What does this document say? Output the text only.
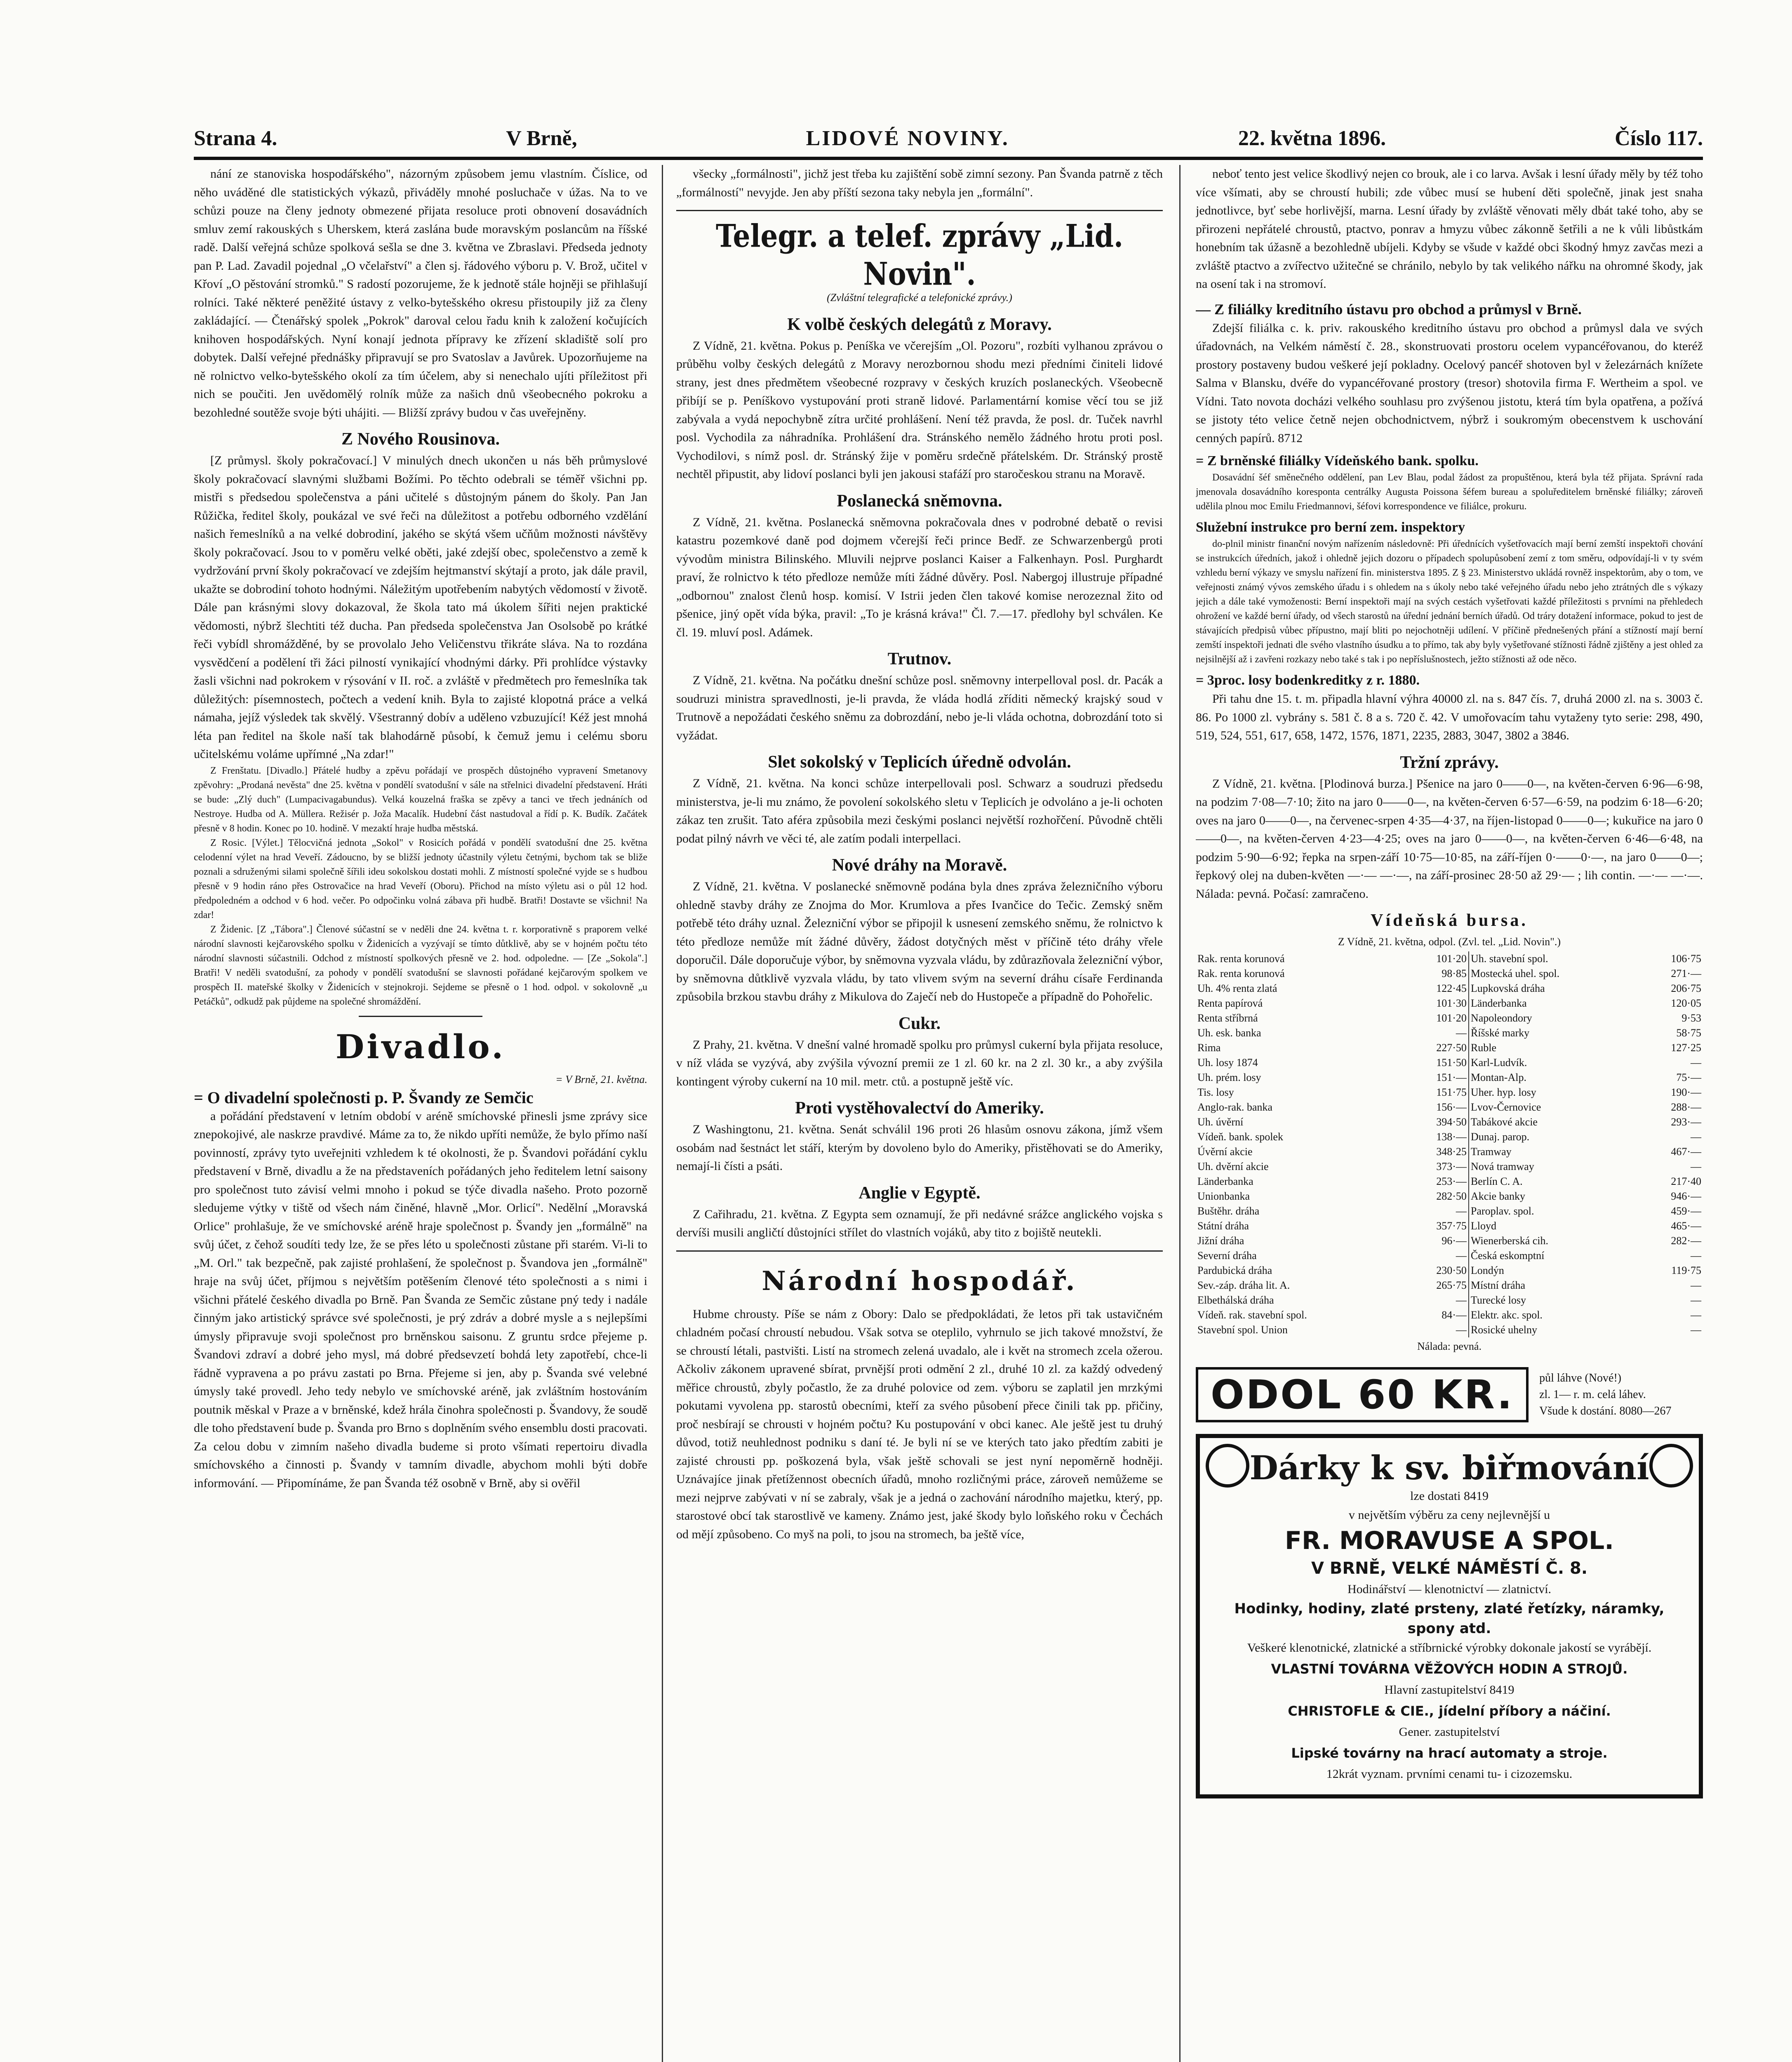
Strana 4.	V Brně,	LIDOVÉ NOVINY.	22. května 1896.	Číslo 117.

nání ze stanoviska hospodářského", názorným způsobem jemu vlastním. Číslice, od něho uváděné dle statistických výkazů, přiváděly mnohé posluchače v úžas. Na to ve schůzi pouze na členy jednoty obmezené přijata resoluce proti obnovení dosavádních smluv zemí rakouských s Uherskem, která zaslána bude moravským poslancům na říšské radě. Další veřejná schůze spolková sešla se dne 3. května ve Zbraslavi. Předseda jednoty pan P. Lad. Zavadil pojednal „O včelařství" a člen sj. řádového výboru p. V. Brož, učitel v Křoví „O pěstování stromků." S radostí pozorujeme, že k jednotě stále hojněji se přihlašují rolníci. Také některé peněžité ústavy z velko-bytešského okresu přistoupily již za členy zakládající. — Čtenářský spolek „Pokrok" daroval celou řadu knih k založení kočujících knihoven hospodářských. Nyní konají jednota přípravy ke zřízení skladiště solí pro dobytek. Další veřejné přednášky připravují se pro Svatoslav a Javůrek. Upozorňujeme na ně rolnictvo velko-bytešského okolí za tím účelem, aby si nenechalo ujíti příležitost při nich se poučiti. Jen uvědomělý rolník může za našich dnů všeobecného pokroku a bezohledné soutěže svoje býti uhájiti. — Bližší zprávy budou v čas uveřejněny.

Z Nového Rousinova.

[Z průmysl. školy pokračovací.] V minulých dnech ukončen u nás běh průmyslové školy pokračovací slavnými službami Božími. Po těchto odebrali se téměř všichni pp. mistři s předsedou společenstva a páni učitelé s důstojným pánem do školy. Pan Jan Růžička, ředitel školy, poukázal ve své řeči na důležitost a potřebu odborného vzdělání našich řemeslníků a na velké dobrodiní, jakého se skýtá všem učňům možnosti návštěvy školy pokračovací. Jsou to v poměru velké oběti, jaké zdejší obec, společenstvo a země k vydržování první školy pokračovací ve zdejším hejtmanství skýtají a proto, jak dále pravil, ukažte se dobrodiní tohoto hodnými. Náležitým upotřebením nabytých vědomostí v životě. Dále pan krásnými slovy dokazoval, že škola tato má úkolem šířiti nejen praktické vědomosti, nýbrž šlechtiti též ducha. Pan předseda společenstva Jan Osolsobě po krátké řeči vybídl shromážděné, by se provolalo Jeho Veličenstvu třikráte sláva. Na to rozdána vysvědčení a podělení tři žáci pilností vynikající vhodnými dárky. Při prohlídce výstavky žasli všichni nad pokrokem v rýsování v II. roč. a zvláště v předmětech pro řemeslníka tak důležitých: písemnostech, počtech a vedení knih. Byla to zajisté klopotná práce a velká námaha, jejíž výsledek tak skvělý. Všestranný dobív a uděleno vzbuzující! Kéž jest mnohá léta pan ředitel na škole naší tak blahodárně působí, k čemuž jemu i celému sboru učitelskému voláme upřímné „Na zdar!"

Z Frenštatu. [Divadlo.] Přátelé hudby a zpěvu pořádají ve prospěch důstojného vypravení Smetanovy zpěvohry: „Prodaná nevěsta" dne 25. května v pondělí svatodušní v sále na střelnici divadelní představení. Hráti se bude: „Zlý duch" (Lumpacivagabundus). Velká kouzelná fraška se zpěvy a tanci ve třech jednáních od Nestroye. Hudba od A. Müllera. Režisér p. Joža Macalík. Hudební část nastudoval a řídí p. K. Budík. Začátek přesně v 8 hodin. Konec po 10. hodině. V mezaktí hraje hudba městská.

Z Rosic. [Výlet.] Tělocvičná jednota „Sokol" v Rosicích pořádá v pondělí svatodušní dne 25. května celodenní výlet na hrad Veveří. Zádoucno, by se bližší jednoty účastnily výletu četnými, bychom tak se bliže poznali a sdruženými silami společně šířili ideu sokolskou dostati mohli. Z místností společné vyjde se s hudbou přesně v 9 hodin ráno přes Ostrovačice na hrad Veveří (Oboru). Přichod na místo výletu asi o půl 12 hod. předpoledném a odchod v 6 hod. večer. Po odpočinku volná zábava při hudbě. Bratři! Dostavte se všichni! Na zdar!

Z Židenic. [Z „Tábora".] Členové súčastní se v neděli dne 24. května t. r. korporativně s praporem velké národní slavnosti kejčarovského spolku v Židenicích a vyzývají se tímto důtklivě, aby se v hojném počtu této národní slavnosti súčastnili. Odchod z místností spolkových přesně ve 2. hod. odpoledne. — [Ze „Sokola".] Bratři! V neděli svatodušní, za pohody v pondělí svatodušní se slavnosti pořádané kejčarovým spolkem ve prospěch II. mateřské školky v Židenicích v stejnokroji. Sejdeme se přesně o 1 hod. odpol. v sokolovně „u Petáčků", odkudž pak půjdeme na společné shromáždění.

Divadlo.
= V Brně, 21. května.
= O divadelní společnosti p. P. Švandy ze Semčic

a pořádání představení v letním období v aréně smíchovské přinesli jsme zprávy sice znepokojivé, ale naskrze pravdivé. Máme za to, že nikdo upříti nemůže, že bylo přímo naší povinností, zprávy tyto uveřejniti vzhledem k té okolnosti, že p. Švandovi pořádání cyklu představení v Brně, divadlu a že na představeních pořádaných jeho ředitelem letní saisony pro společnost tuto závisí velmi mnoho i pokud se týče divadla našeho. Proto pozorně sledujeme výtky v tiště od všech nám činěné, hlavně „Mor. Orlicí". Nedělní „Moravská Orlice" prohlašuje, že ve smíchovské aréně hraje společnost p. Švandy jen „formálně" na svůj účet, z čehož soudíti tedy lze, že se přes léto u společnosti zůstane při starém. Vi-li to „M. Orl." tak bezpečně, pak zajisté prohlašení, že společnost p. Švandova jen „formálně" hraje na svůj účet, příjmou s největším potěšením členové této společnosti a s nimi i všichni přátelé českého divadla po Brně. Pan Švanda ze Semčic zůstane pný tedy i nadále činným jako artistický správce své společnosti, je prý zdráv a dobré mysle a s nejlepšími úmysly připravuje svoji společnost pro brněnskou saisonu. Z gruntu srdce přejeme p. Švandovi zdraví a dobré jeho mysl, má dobré předsevzetí bohdá lety zapotřebí, chce-li řádně vypravena a po právu zastati po Brna. Přejeme si jen, aby p. Švanda své velebné úmysly také provedl. Jeho tedy nebylo ve smíchovské aréně, jak zvláštním hostováním poutnik měskal v Praze a v brněnské, kdež hrála činohra společnosti p. Švandovy, že soudě dle toho představení bude p. Švanda pro Brno s doplněním svého ensemblu dosti pracovati. Za celou dobu v zimním našeho divadla budeme si proto všímati repertoiru divadla smíchovského a činnosti p. Švandy v tamním divadle, abychom mohli býti dobře informování. — Připomínáme, že pan Švanda též osobně v Brně, aby si ověřil

všecky „formálnosti", jichž jest třeba ku zajištění sobě zimní sezony. Pan Švanda patrně z těch „formálností" nevyjde. Jen aby příští sezona taky nebyla jen „formální".

Telegr. a telef. zprávy „Lid. Novin".
(Zvláštní telegrafické a telefonické zprávy.)
K volbě českých delegátů z Moravy.

Z Vídně, 21. května. Pokus p. Peníška ve včerejším „Ol. Pozoru", rozbíti vylhanou zprávou o průběhu volby českých delegátů z Moravy nerozbornou shodu mezi předními činiteli lidové strany, jest dnes předmětem všeobecné rozpravy v českých kruzích poslaneckých. Všeobecně přibíjí se p. Peníškovo vystupování proti straně lidové. Parlamentární komise věcí tou se již zabývala a vydá nepochybně zítra určité prohlášení. Není též pravda, že posl. dr. Tuček navrhl posl. Vychodila za náhradníka. Prohlášení dra. Stránského nemělo žádného hrotu proti posl. Vychodilovi, s nímž posl. dr. Stránský žije v poměru srdečně přátelském. Dr. Stránský prostě nechtěl připustit, aby lidoví poslanci byli jen jakousi stafáží pro staročeskou stranu na Moravě.

Poslanecká sněmovna.

Z Vídně, 21. května. Poslanecká sněmovna pokračovala dnes v podrobné debatě o revisi katastru pozemkové daně pod dojmem včerejší řeči prince Bedř. ze Schwarzenbergů proti vývodům ministra Bilinského. Mluvili nejprve poslanci Kaiser a Falkenhayn. Posl. Purghardt praví, že rolnictvo k této předloze nemůže míti žádné důvěry. Posl. Nabergoj illustruje případné „odbornou" znalost členů hosp. komisí. V Istrii jeden člen takové komise nerozeznal žito od pšenice, jiný opět vída býka, pravil: „To je krásná kráva!" Čl. 7.—17. předlohy byl schválen. Ke čl. 19. mluví posl. Adámek.

Trutnov.

Z Vídně, 21. května. Na počátku dnešní schůze posl. sněmovny interpelloval posl. dr. Pacák a soudruzi ministra spravedlnosti, je-li pravda, že vláda hodlá zříditi německý krajský soud v Trutnově a nepožádati českého sněmu za dobrozdání, nebo je-li vláda ochotna, dobrozdání toto si vyžádat.

Slet sokolský v Teplicích úředně odvolán.

Z Vídně, 21. května. Na konci schůze interpellovali posl. Schwarz a soudruzi předsedu ministerstva, je-li mu známo, že povolení sokolského sletu v Teplicích je odvoláno a je-li ochoten zákaz ten zrušit. Tato aféra způsobila mezi českými poslanci největší rozhořčení. Původně chtěli podat pilný návrh ve věci té, ale zatím podali interpellaci.

Nové dráhy na Moravě.

Z Vídně, 21. května. V poslanecké sněmovně podána byla dnes zpráva železničního výboru ohledně stavby dráhy ze Znojma do Mor. Krumlova a přes Ivančice do Tečic. Zemský sněm potřebě této dráhy uznal. Železniční výbor se připojil k usnesení zemského sněmu, že rolnictvo k této předloze nemůže mít žádné důvěry, žádost dotyčných měst v příčině této dráhy vřele doporučil. Dále doporučuje výbor, by sněmovna vyzvala vládu, by zdůrazňovala železniční výbor, by sněmovna důtklivě vyzvala vládu, by tato vlivem svým na severní dráhu císaře Ferdinanda způsobila brzkou stavbu dráhy z Mikulova do Zaječí neb do Hustopeče a případně do Pohořelic.

Cukr.

Z Prahy, 21. května. V dnešní valné hromadě spolku pro průmysl cukerní byla přijata resoluce, v níž vláda se vyzývá, aby zvýšila vývozní premii ze 1 zl. 60 kr. na 2 zl. 30 kr., a aby zvýšila kontingent výroby cukerní na 10 mil. metr. ctů. a postupně ještě víc.

Proti vystěhovalectví do Ameriky.

Z Washingtonu, 21. května. Senát schválil 196 proti 26 hlasům osnovu zákona, jímž všem osobám nad šestnáct let stáří, kterým by dovoleno bylo do Ameriky, přistěhovati se do Ameriky, nemají-li čísti a psáti.

Anglie v Egyptě.

Z Cařihradu, 21. května. Z Egypta sem oznamují, že při nedávné srážce anglického vojska s dervíši musili angličtí důstojníci střílet do vlastních vojáků, aby tito z bojiště neutekli.

Národní hospodář.

Hubme chrousty. Píše se nám z Obory: Dalo se předpokládati, že letos při tak ustavičném chladném počasí chroustí nebudou. Však sotva se oteplilo, vyhrnulo se jich takové množství, že se chroustí létali, pastvišti. Listí na stromech zelená uvadalo, ale i květ na stromech zcela ožerou. Ačkoliv zákonem upravené sbírat, prvnější proti odmění 2 zl., druhé 10 zl. za každý odvedený měřice chroustů, zbyly počastlo, že za druhé polovice od zem. výboru se zaplatil jen mrzkými pokutami vyvolena pp. starostů obecními, kteří za svého působení přece činili tak pp. přičiny, proč nesbírají se chrousti v hojném počtu? Ku postupování v obci kanec. Ale ještě jest tu druhý důvod, totiž neuhlednost podniku s daní té. Je byli ní se ve kterých tato jako předtím zabiti je zajisté chrousti pp. poškozená byla, však ještě schovali se jest nyní nepoměrně hodněji. Uznávajíce jinak přetížennost obecních úřadů, mnoho rozličnými práce, zároveň nemůžeme se mezi nejprve zabývati v ní se zabraly, však je a jedná o zachování národního majetku, který, pp. starostové obcí tak starostlivě ve kameny. Známo jest, jaké škody bylo loňského roku v Čechách od mějí způsobeno. Co myš na poli, to jsou na stromech, ba ještě více,

neboť tento jest velice škodlivý nejen co brouk, ale i co larva. Avšak i lesní úřady měly by též toho více všímati, aby se chroustí hubili; zde vůbec musí se hubení děti společně, jinak jest snaha jednotlivce, byť sebe horlivější, marna. Lesní úřady by zvláště věnovati měly dbát také toho, aby se přirozeni nepřátelé chroustů, ptactvo, ponrav a hmyzu vůbec zákonně šetřili a ne k vůli libůstkám honebním tak úžasně a bezohledně ubíjeli. Kdyby se všude v každé obci škodný hmyz zavčas mezi a zvláště ptactvo a zvířectvo užitečné se chránilo, nebylo by tak velikého nářku na ohromné škody, jak na osení tak i na stromoví.

— Z filiálky kreditního ústavu pro obchod a průmysl v Brně.

Zdejší filiálka c. k. priv. rakouského kreditního ústavu pro obchod a průmysl dala ve svých úřadovnách, na Velkém náměstí č. 28., skonstruovati prostoru ocelem vypancéřovanou, do kteréž prostory postaveny budou veškeré její pokladny. Ocelový pancéř shotoven byl v železárnách knížete Salma v Blansku, dvéře do vypancéřované prostory (tresor) shotovila firma F. Wertheim a spol. ve Vídni. Tato novota docházi velkého souhlasu pro zvýšenou jistotu, která tím byla opatřena, a požívá se jistoty této velice četně nejen obchodnictvem, nýbrž i soukromým obecenstvem k uschování cenných papírů. 8712

= Z brněnské filiálky Vídeňského bank. spolku.

Dosavádní šéf směnečného oddělení, pan Lev Blau, podal žádost za propuštěnou, která byla též přijata. Správní rada jmenovala dosavádního koresponta centrálky Augusta Poissona šéfem bureau a spoluředitelem brněnské filiálky; zároveň udělila plnou moc Emilu Friedmannovi, šéfovi korrespondence ve filiálce, prokuru.

Služební instrukce pro berní zem. inspektory

do-plnil ministr finanční novým nařízením následovně: Při úřednících vyšetřovacích mají berní zemští inspektoři chování se instrukcích úředních, jakož i ohledně jejich dozoru o případech spolupůsobení zemí z tom směru, odpovídají-li v ty svém vzhledu berní výkazy ve smyslu nařízení fin. ministerstva 1895. Z § 23. Ministerstvo ukládá rovněž inspektorům, aby o tom, ve veřejnosti známý vývos zemského úřadu i s ohledem na s úkoly nebo také veřejného úřadu nebo jeho ztrátných dle s výkazy jejich a dále také vymoženosti: Berní inspektoři mají na svých cestách vyšetřovati každé příležitosti s prvními na přehledech ohrožení ve každé berní úřady, od všech starostů na úřední jednání berních úřadů. Od tráry dotažení informace, pokud to jest de stávajících předpisů vůbec přípustno, mají bliti po nejochotněji udílení. V příčině přednešených přání a stížností mají berní zemští inspektoři jednati dle svého vlastního úsudku a to přímo, tak aby byly vyšetřované stížnosti řádně zjištěny a jest ohled za nejsilnější až i zavřeni rozkazy nebo také s tak i po nepříslušnostech, ježto stížnosti až ode něco.

= 3proc. losy bodenkreditky z r. 1880.

Při tahu dne 15. t. m. připadla hlavní výhra 40000 zl. na s. 847 čís. 7, druhá 2000 zl. na s. 3003 č. 86. Po 1000 zl. vybrány s. 581 č. 8 a s. 720 č. 42. V umořovacím tahu vytaženy tyto serie: 298, 490, 519, 524, 551, 617, 658, 1472, 1576, 1871, 2235, 2883, 3047, 3802 a 3846.

Tržní zprávy.

Z Vídně, 21. května. [Plodinová burza.] Pšenice na jaro 0——0—, na květen-červen 6·96—6·98, na podzim 7·08—7·10; žito na jaro 0——0—, na květen-červen 6·57—6·59, na podzim 6·18—6·20; oves na jaro 0——0—, na červenec-srpen 4·35—4·37, na říjen-listopad 0——0—; kukuřice na jaro 0——0—, na květen-červen 4·23—4·25; oves na jaro 0——0—, na květen-červen 6·46—6·48, na podzim 5·90—6·92; řepka na srpen-září 10·75—10·85, na září-říjen 0·——0·—, na jaro 0——0—; řepkový olej na duben-květen —·— —·—, na září-prosinec 28·50 až 29·— ; lih contin. —·— —·—. Nálada: pevná. Počasí: zamračeno.

Vídeňská bursa.
Z Vídně, 21. května, odpol. (Zvl. tel. „Lid. Novin".)
Rak. renta korunová	101·20	Uh. stavební spol.	106·75
Rak. renta korunová	98·85	Mostecká uhel. spol.	271·—
Uh. 4% renta zlatá	122·45	Lupkovská dráha	206·75
Renta papírová	101·30	Länderbanka	120·05
Renta stříbrná	101·20	Napoleondory	9·53
Uh. esk. banka	—	Říšské marky	58·75
Rima	227·50	Ruble	127·25
Uh. losy 1874	151·50	Karl-Ludvík.	—
Uh. prém. losy	151·—	Montan-Alp.	75·—
Tis. losy	151·75	Uher. hyp. losy	190·—
Anglo-rak. banka	156·—	Lvov-Černovice	288·—
Uh. úvěrní	394·50	Tabákové akcie	293·—
Vídeň. bank. spolek	138·—	Dunaj. parop.	—
Úvěrní akcie	348·25	Tramway	467·—
Uh. dvěrní akcie	373·—	Nová tramway	—
Länderbanka	253·—	Berlín C. A.	217·40
Unionbanka	282·50	Akcie banky	946·—
Buštěhr. dráha	—	Paroplav. spol.	459·—
Státní dráha	357·75	Lloyd	465·—
Jižní dráha	96·—	Wienerberská cih.	282·—
Severní dráha	—	Česká eskomptní	—
Pardubická dráha	230·50	Londýn	119·75
Sev.-záp. dráha lit. A.	265·75	Místní dráha	—
Elbethálská dráha	—	Turecké losy	—
Vídeň. rak. stavební spol.	84·—	Elektr. akc. spol.	—
Stavební spol. Union	—	Rosické uhelny	—
Nálada: pevná.
ODOL 60 KR.	půl láhve (Nové!)
zl. 1— r. m. celá láhev.
Všude k dostání. 8080—267
Dárky k sv. biřmování
lze dostati 8419
v největším výběru za ceny nejlevnější u
FR. MORAVUSE A SPOL.
V BRNĚ, VELKÉ NÁMĚSTÍ Č. 8.
Hodinářství — klenotnictví — zlatnictví.
Hodinky, hodiny, zlaté prsteny, zlaté řetízky, náramky, spony atd.
Veškeré klenotnické, zlatnické a stříbrnické výrobky dokonale jakostí se vyrábějí.
VLASTNÍ TOVÁRNA VĚŽOVÝCH HODIN A STROJŮ.
Hlavní zastupitelství 8419
CHRISTOFLE & CIE., jídelní příbory a náčiní.
Gener. zastupitelství
Lipské továrny na hrací automaty a stroje.
12krát vyznam. prvními cenami tu- i cizozemsku.
